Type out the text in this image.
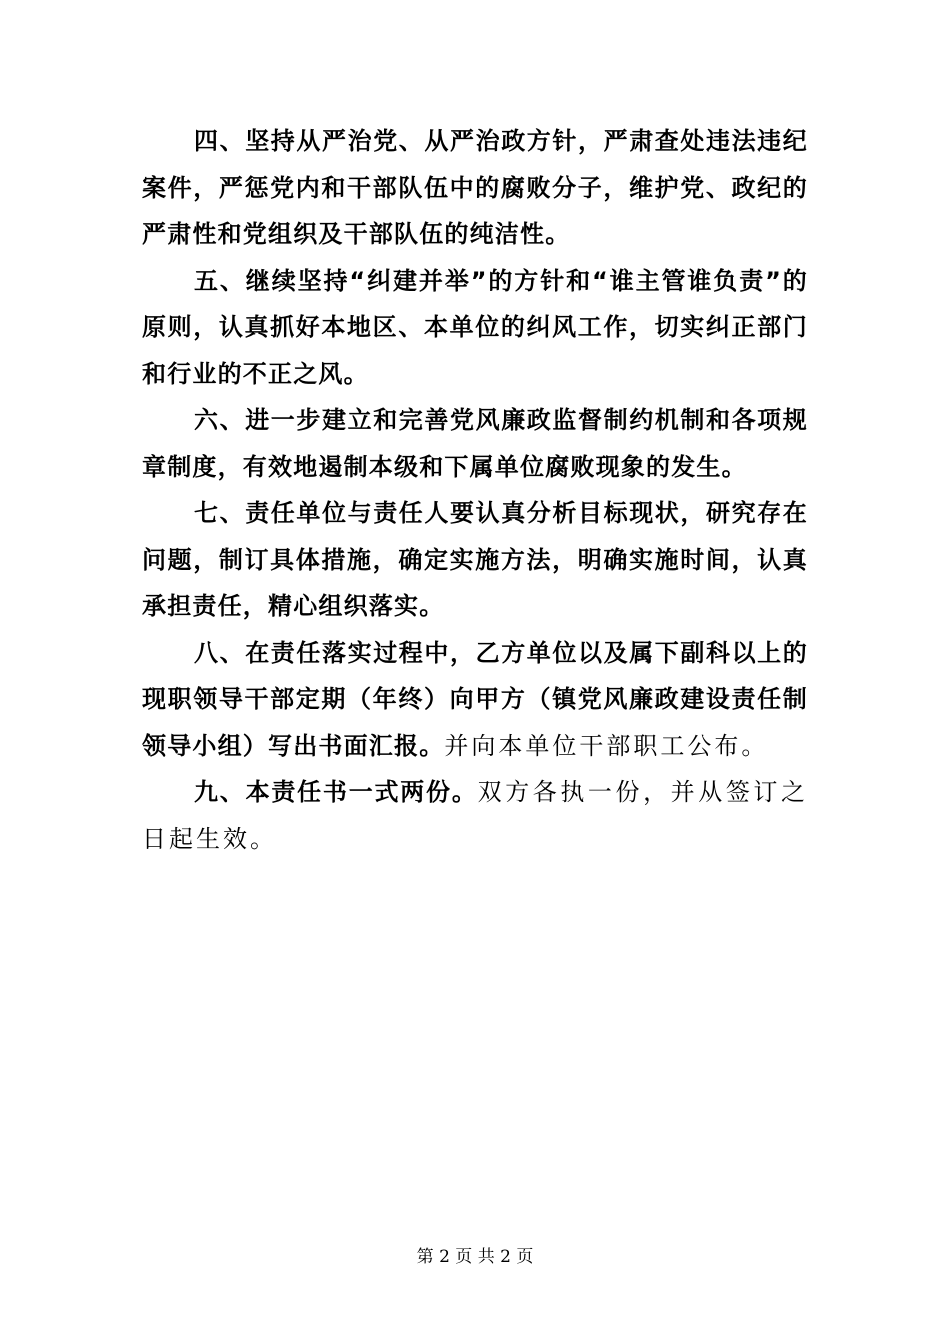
四、坚持从严治党、从严治政方针，严肃查处违法违纪案件，严惩党内和干部队伍中的腐败分子，维护党、政纪的严肃性和党组织及干部队伍的纯洁性。

五、继续坚持“纠建并举”的方针和“谁主管谁负责”的原则，认真抓好本地区、本单位的纠风工作，切实纠正部门和行业的不正之风。

六、进一步建立和完善党风廉政监督制约机制和各项规章制度，有效地遏制本级和下属单位腐败现象的发生。

七、责任单位与责任人要认真分析目标现状，研究存在问题，制订具体措施，确定实施方法，明确实施时间，认真承担责任，精心组织落实。

八、在责任落实过程中，乙方单位以及属下副科以上的现职领导干部定期（年终）向甲方（镇党风廉政建设责任制领导小组）写出书面汇报。并向本单位干部职工公布。

九、本责任书一式两份。双方各执一份，并从签订之日起生效。

第 2 页 共 2 页
